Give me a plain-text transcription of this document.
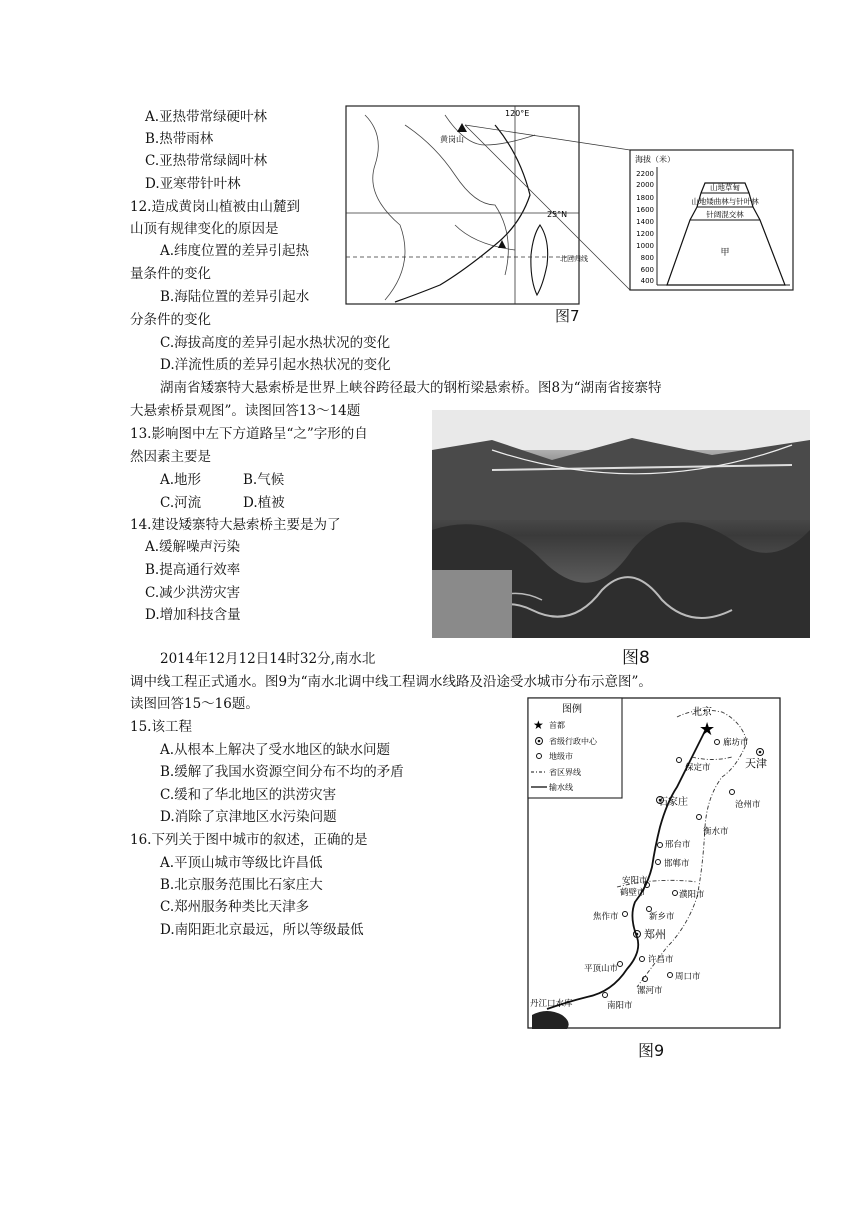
A.亚热带常绿硬叶林
B.热带雨林
C.亚热带常绿阔叶林
D.亚寒带针叶林
12.造成黄岗山植被由山麓到
山顶有规律变化的原因是
A.纬度位置的差异引起热
量条件的变化
B.海陆位置的差异引起水
分条件的变化
C.海拔高度的差异引起水热状况的变化
D.洋流性质的差异引起水热状况的变化
120°E
25°N
北回归线
黄岗山
海拔（米）
2200
2000
1800
1600
1400
1200
1000
800
600
400
山地草甸
山地矮曲林与针叶林
针阔混交林
甲
图7
湖南省矮寨特大悬索桥是世界上峡谷跨径最大的钢桁梁悬索桥。图8为“湖南省接寨特
大悬索桥景观图”。读图回答13～14题
13.影响图中左下方道路呈“之”字形的自
然因素主要是
A.地形	B.气候
C.河流	D.植被
14.建设矮寨特大悬索桥主要是为了
A.缓解噪声污染
B.提高通行效率
C.减少洪涝灾害
D.增加科技含量
图8
2014年12月12日14时32分,南水北
调中线工程正式通水。图9为“南水北调中线工程调水线路及沿途受水城市分布示意图”。
读图回答15～16题。
15.该工程
A.从根本上解决了受水地区的缺水问题
B.缓解了我国水资源空间分布不均的矛盾
C.缓和了华北地区的洪涝灾害
D.消除了京津地区水污染问题
16.下列关于图中城市的叙述，正确的是
A.平顶山城市等级比许昌低
B.北京服务范围比石家庄大
C.郑州服务种类比天津多
D.南阳距北京最远，所以等级最低
图例
★ 首都
省级行政中心
地级市
省区界线
输水线
★
北京
廊坊市
天津
保定市
石家庄	沧州市
衡水市
邢台市
邯郸市
安阳市
鹤壁市	濮阳市
新乡市
焦作市
郑州
许昌市
平顶山市
周口市
漯河市
南阳市
丹江口水库
图9
